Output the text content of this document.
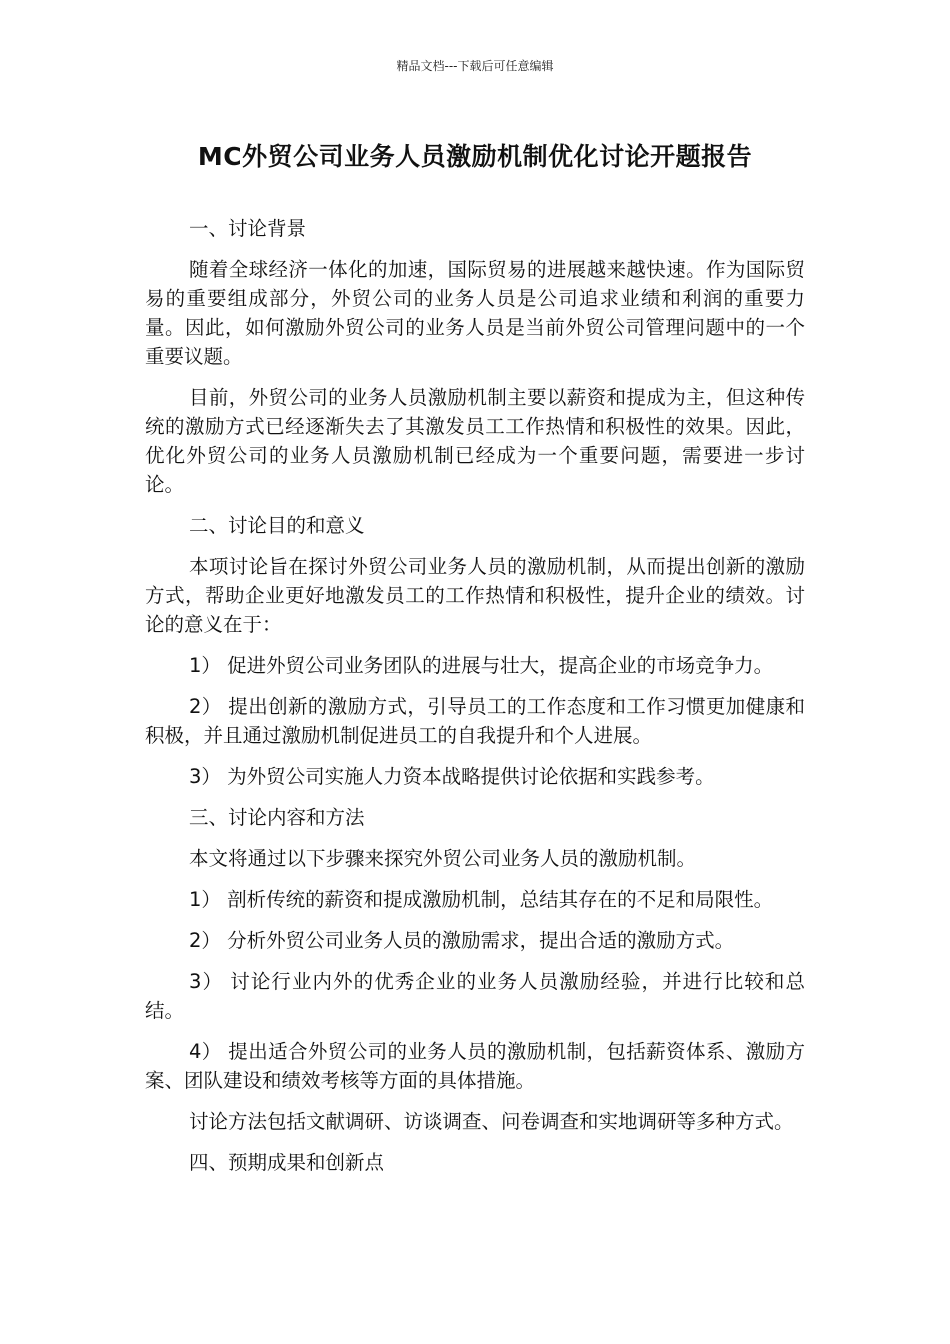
精品文档---下载后可任意编辑
MC外贸公司业务人员激励机制优化讨论开题报告

一、讨论背景

随着全球经济一体化的加速，国际贸易的进展越来越快速。作为国际贸易的重要组成部分，外贸公司的业务人员是公司追求业绩和利润的重要力量。因此，如何激励外贸公司的业务人员是当前外贸公司管理问题中的一个重要议题。

目前，外贸公司的业务人员激励机制主要以薪资和提成为主，但这种传统的激励方式已经逐渐失去了其激发员工工作热情和积极性的效果。因此，优化外贸公司的业务人员激励机制已经成为一个重要问题，需要进一步讨论。

二、讨论目的和意义

本项讨论旨在探讨外贸公司业务人员的激励机制，从而提出创新的激励方式，帮助企业更好地激发员工的工作热情和积极性，提升企业的绩效。讨论的意义在于：

1） 促进外贸公司业务团队的进展与壮大，提高企业的市场竞争力。

2） 提出创新的激励方式，引导员工的工作态度和工作习惯更加健康和积极，并且通过激励机制促进员工的自我提升和个人进展。

3） 为外贸公司实施人力资本战略提供讨论依据和实践参考。

三、讨论内容和方法

本文将通过以下步骤来探究外贸公司业务人员的激励机制。

1） 剖析传统的薪资和提成激励机制，总结其存在的不足和局限性。

2） 分析外贸公司业务人员的激励需求，提出合适的激励方式。

3） 讨论行业内外的优秀企业的业务人员激励经验，并进行比较和总结。

4） 提出适合外贸公司的业务人员的激励机制，包括薪资体系、激励方案、团队建设和绩效考核等方面的具体措施。

讨论方法包括文献调研、访谈调查、问卷调查和实地调研等多种方式。

四、预期成果和创新点
